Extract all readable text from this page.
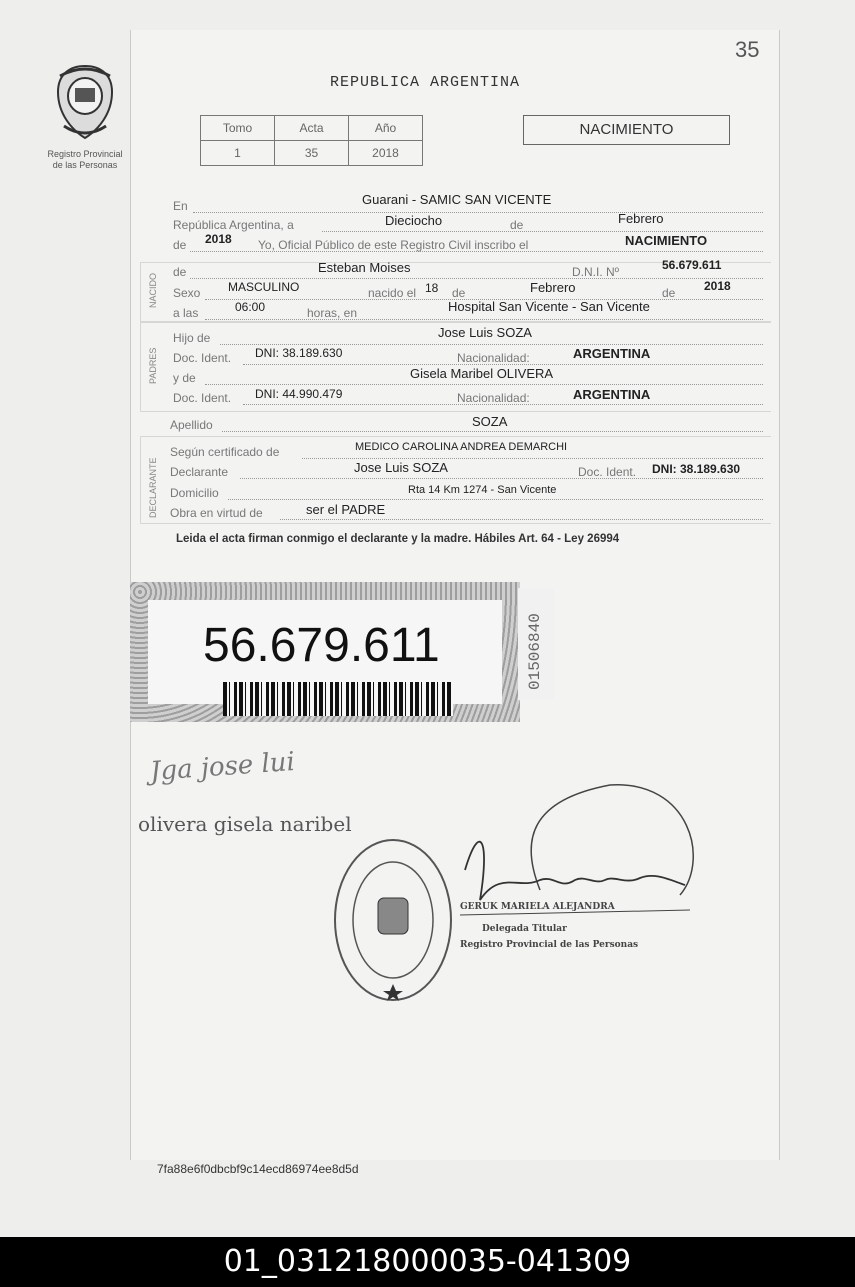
35
Registro Provincial
de las Personas
REPUBLICA ARGENTINA
Tomo	Acta	Año
1	35	2018
NACIMIENTO
NACIDO
PADRES
DECLARANTE
En	Guarani - SAMIC SAN VICENTE
República Argentina, a	Dieciocho	de	Febrero
de 2018 Yo, Oficial Público de este Registro Civil inscribo el	NACIMIENTO
de	Esteban Moises	D.N.I. Nº	56.679.611
Sexo MASCULINO	nacido el 18 de	Febrero	de 2018
a las	06:00	horas, en	Hospital San Vicente - San Vicente
Hijo de	Jose Luis SOZA
Doc. Ident. DNI: 38.189.630	Nacionalidad:	ARGENTINA
y de	Gisela Maribel OLIVERA
Doc. Ident. DNI: 44.990.479	Nacionalidad:	ARGENTINA
Apellido	SOZA
Según certificado de	MEDICO CAROLINA ANDREA DEMARCHI
Declarante	Jose Luis SOZA	Doc. Ident. DNI: 38.189.630
Domicilio	Rta 14 Km 1274 - San Vicente
Obra en virtud de	ser el PADRE
Leida el acta firman conmigo el declarante y la madre. Hábiles Art. 64 - Ley 26994
56.679.611	01506840
Jga jose lui
olivera gisela naribel
GERUK MARIELA ALEJANDRA
Delegada Titular
Registro Provincial de las Personas
7fa88e6f0dbcbf9c14ecd86974ee8d5d
01_031218000035-041309
